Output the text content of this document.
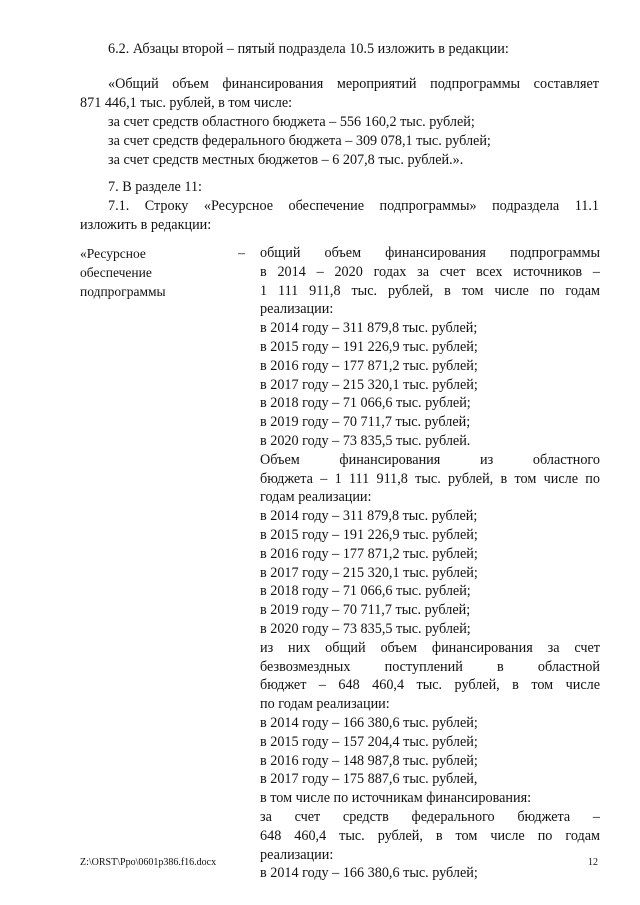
6.2. Абзацы второй – пятый подраздела 10.5 изложить в редакции:
«Общий объем финансирования мероприятий подпрограммы составляет
871 446,1 тыс. рублей, в том числе:
за счет средств областного бюджета – 556 160,2 тыс. рублей;
за счет средств федерального бюджета – 309 078,1 тыс. рублей;
за счет средств местных бюджетов – 6 207,8 тыс. рублей.».
7. В разделе 11:
7.1. Строку «Ресурсное обеспечение подпрограммы» подраздела 11.1
изложить в редакции:
«Ресурсное
обеспечение
подпрограммы
– общий объем финансирования подпрограммы
в 2014 – 2020 годах за счет всех источников –
1 111 911,8 тыс. рублей, в том числе по годам
реализации:
в 2014 году – 311 879,8 тыс. рублей;
в 2015 году – 191 226,9 тыс. рублей;
в 2016 году – 177 871,2 тыс. рублей;
в 2017 году – 215 320,1 тыс. рублей;
в 2018 году – 71 066,6 тыс. рублей;
в 2019 году – 70 711,7 тыс. рублей;
в 2020 году – 73 835,5 тыс. рублей.
Объем финансирования из областного
бюджета – 1 111 911,8 тыс. рублей, в том числе по
годам реализации:
в 2014 году – 311 879,8 тыс. рублей;
в 2015 году – 191 226,9 тыс. рублей;
в 2016 году – 177 871,2 тыс. рублей;
в 2017 году – 215 320,1 тыс. рублей;
в 2018 году – 71 066,6 тыс. рублей;
в 2019 году – 70 711,7 тыс. рублей;
в 2020 году – 73 835,5 тыс. рублей;
из них общий объем финансирования за счет
безвозмездных поступлений в областной
бюджет – 648 460,4 тыс. рублей, в том числе
по годам реализации:
в 2014 году – 166 380,6 тыс. рублей;
в 2015 году – 157 204,4 тыс. рублей;
в 2016 году – 148 987,8 тыс. рублей;
в 2017 году – 175 887,6 тыс. рублей,
в том числе по источникам финансирования:
за счет средств федерального бюджета –
648 460,4 тыс. рублей, в том числе по годам
реализации:
в 2014 году – 166 380,6 тыс. рублей;
Z:\ORST\Ppo\0601p386.f16.docx	12
